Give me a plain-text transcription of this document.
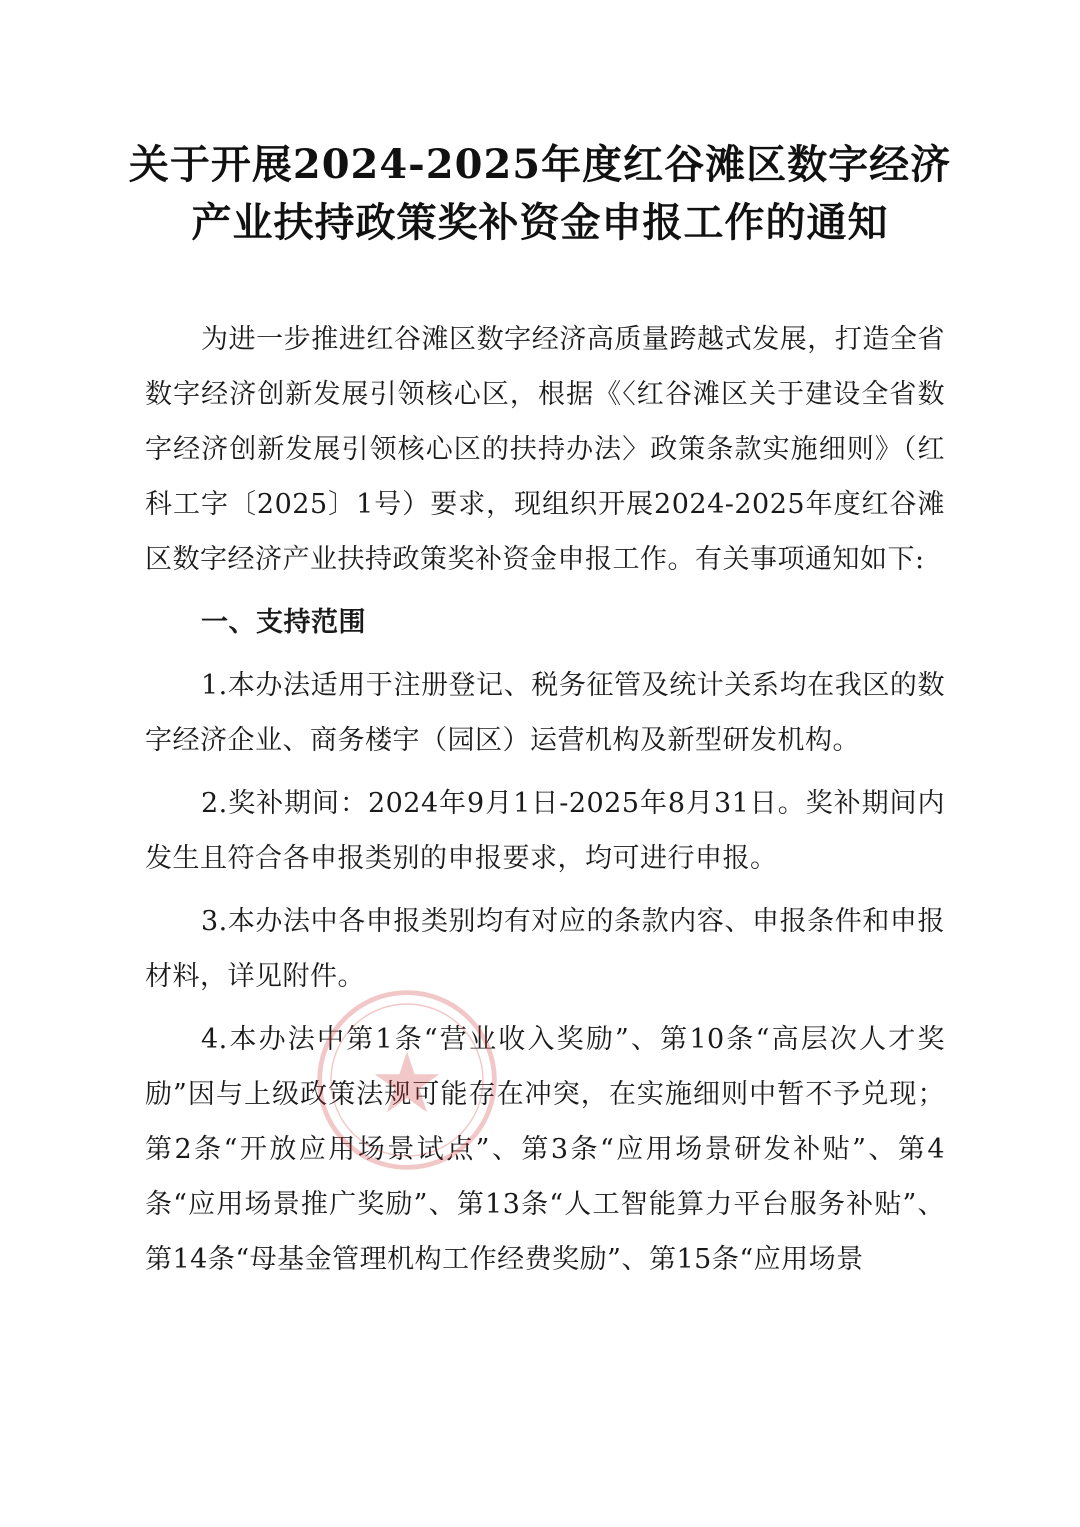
关于开展2024-2025年度红谷滩区数字经济
产业扶持政策奖补资金申报工作的通知

为进一步推进红谷滩区数字经济高质量跨越式发展，打造全省数字经济创新发展引领核心区，根据《〈红谷滩区关于建设全省数字经济创新发展引领核心区的扶持办法〉政策条款实施细则》（红科工字〔2025〕1号）要求，现组织开展2024-2025年度红谷滩区数字经济产业扶持政策奖补资金申报工作。有关事项通知如下:

一、支持范围

1.本办法适用于注册登记、税务征管及统计关系均在我区的数字经济企业、商务楼宇（园区）运营机构及新型研发机构。

2.奖补期间：2024年9月1日-2025年8月31日。奖补期间内发生且符合各申报类别的申报要求，均可进行申报。

3.本办法中各申报类别均有对应的条款内容、申报条件和申报材料，详见附件。

4.本办法中第1条“营业收入奖励”、第10条“高层次人才奖励”因与上级政策法规可能存在冲突，在实施细则中暂不予兑现；第2条“开放应用场景试点”、第3条“应用场景研发补贴”、第4条“应用场景推广奖励”、第13条“人工智能算力平台服务补贴”、第14条“母基金管理机构工作经费奖励”、第15条“应用场景
